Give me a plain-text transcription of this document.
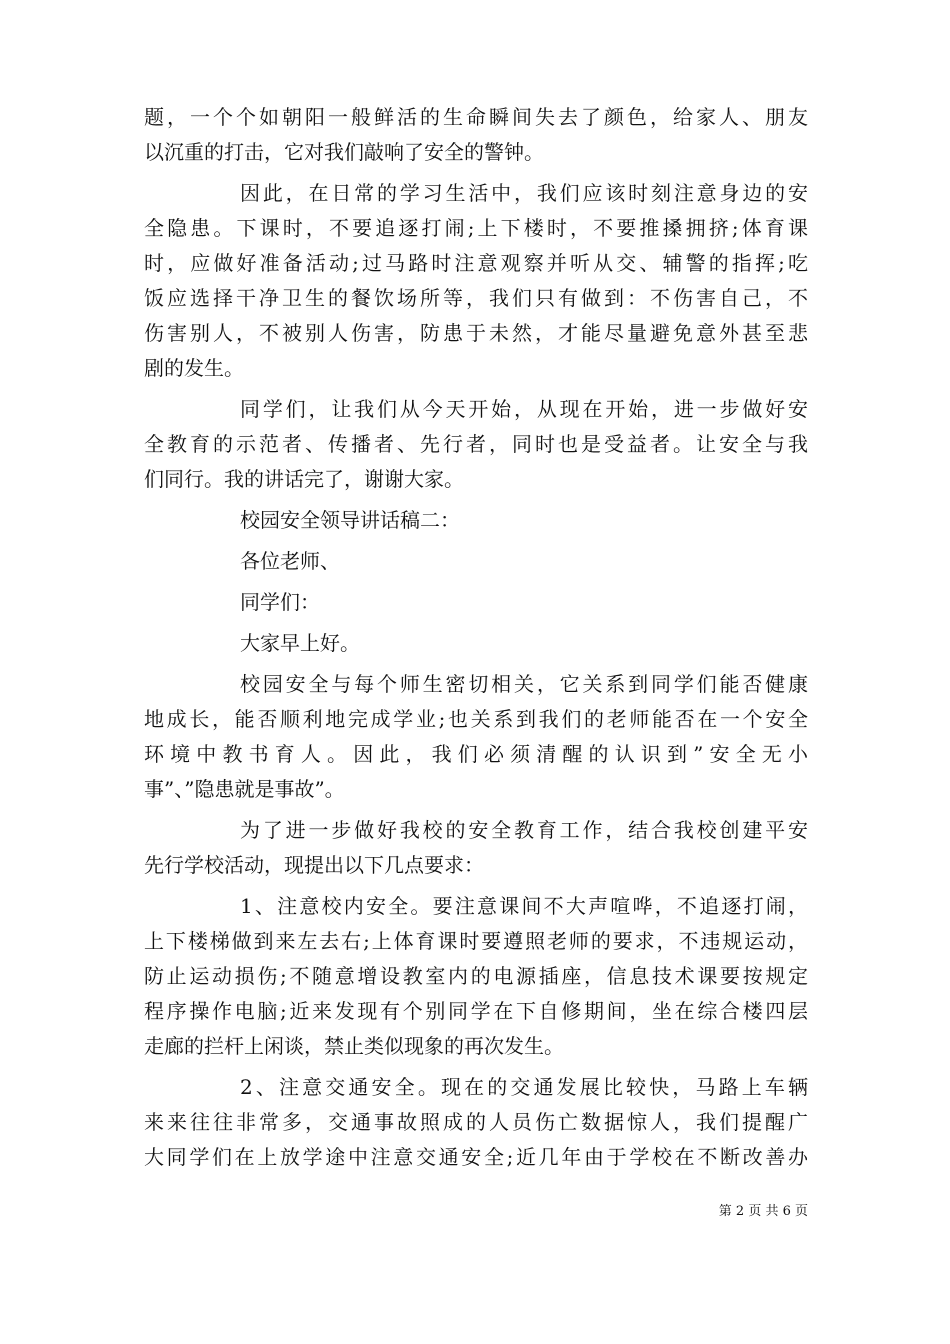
题，一个个如朝阳一般鲜活的生命瞬间失去了颜色，给家人、朋友
以沉重的打击，它对我们敲响了安全的警钟。
因此，在日常的学习生活中，我们应该时刻注意身边的安
全隐患。下课时，不要追逐打闹;上下楼时，不要推搡拥挤;体育课
时，应做好准备活动;过马路时注意观察并听从交、辅警的指挥;吃
饭应选择干净卫生的餐饮场所等，我们只有做到：不伤害自己，不
伤害别人，不被别人伤害，防患于未然，才能尽量避免意外甚至悲
剧的发生。
同学们，让我们从今天开始，从现在开始，进一步做好安
全教育的示范者、传播者、先行者，同时也是受益者。让安全与我
们同行。我的讲话完了，谢谢大家。
校园安全领导讲话稿二：
各位老师、
同学们：
大家早上好。
校园安全与每个师生密切相关，它关系到同学们能否健康
地成长，能否顺利地完成学业;也关系到我们的老师能否在一个安全
环境中教书育人。因此，我们必须清醒的认识到”安全无小
事”、”隐患就是事故”。
为了进一步做好我校的安全教育工作，结合我校创建平安
先行学校活动，现提出以下几点要求：
1、注意校内安全。要注意课间不大声喧哗，不追逐打闹，
上下楼梯做到来左去右;上体育课时要遵照老师的要求，不违规运动，
防止运动损伤;不随意增设教室内的电源插座，信息技术课要按规定
程序操作电脑;近来发现有个别同学在下自修期间，坐在综合楼四层
走廊的拦杆上闲谈，禁止类似现象的再次发生。
2、注意交通安全。现在的交通发展比较快，马路上车辆
来来往往非常多，交通事故照成的人员伤亡数据惊人，我们提醒广
大同学们在上放学途中注意交通安全;近几年由于学校在不断改善办
第 2 页 共 6 页
